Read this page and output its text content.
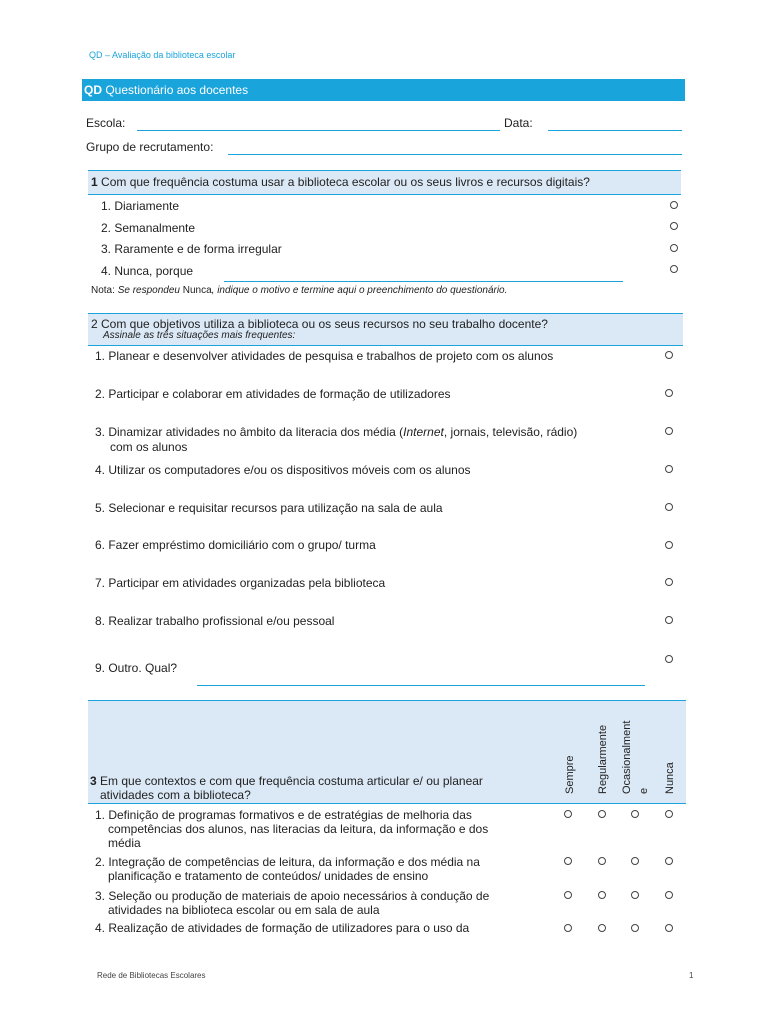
QD – Avaliação da biblioteca escolar
QD Questionário aos docentes
Escola:	Data:
Grupo de recrutamento:
1 Com que frequência costuma usar a biblioteca escolar ou os seus livros e recursos digitais?
1. Diariamente
2. Semanalmente
3. Raramente e de forma irregular
4. Nunca, porque
Nota: Se respondeu Nunca, indique o motivo e termine aqui o preenchimento do questionário.
2 Com que objetivos utiliza a biblioteca ou os seus recursos no seu trabalho docente?
Assinale as três situações mais frequentes:
1. Planear e desenvolver atividades de pesquisa e trabalhos de projeto com os alunos
2. Participar e colaborar em atividades de formação de utilizadores
3. Dinamizar atividades no âmbito da literacia dos média (Internet, jornais, televisão, rádio)
com os alunos
4. Utilizar os computadores e/ou os dispositivos móveis com os alunos
5. Selecionar e requisitar recursos para utilização na sala de aula
6. Fazer empréstimo domiciliário com o grupo/ turma
7. Participar em atividades organizadas pela biblioteca
8. Realizar trabalho profissional e/ou pessoal
9. Outro. Qual?
3 Em que contextos e com que frequência costuma articular e/ ou planear
atividades com a biblioteca?
Sempre Regularmente Ocasionalment e Nunca
1. Definição de programas formativos e de estratégias de melhoria das
competências dos alunos, nas literacias da leitura, da informação e dos
média
2. Integração de competências de leitura, da informação e dos média na
planificação e tratamento de conteúdos/ unidades de ensino
3. Seleção ou produção de materiais de apoio necessários à condução de
atividades na biblioteca escolar ou em sala de aula
4. Realização de atividades de formação de utilizadores para o uso da
Rede de Bibliotecas Escolares	1
